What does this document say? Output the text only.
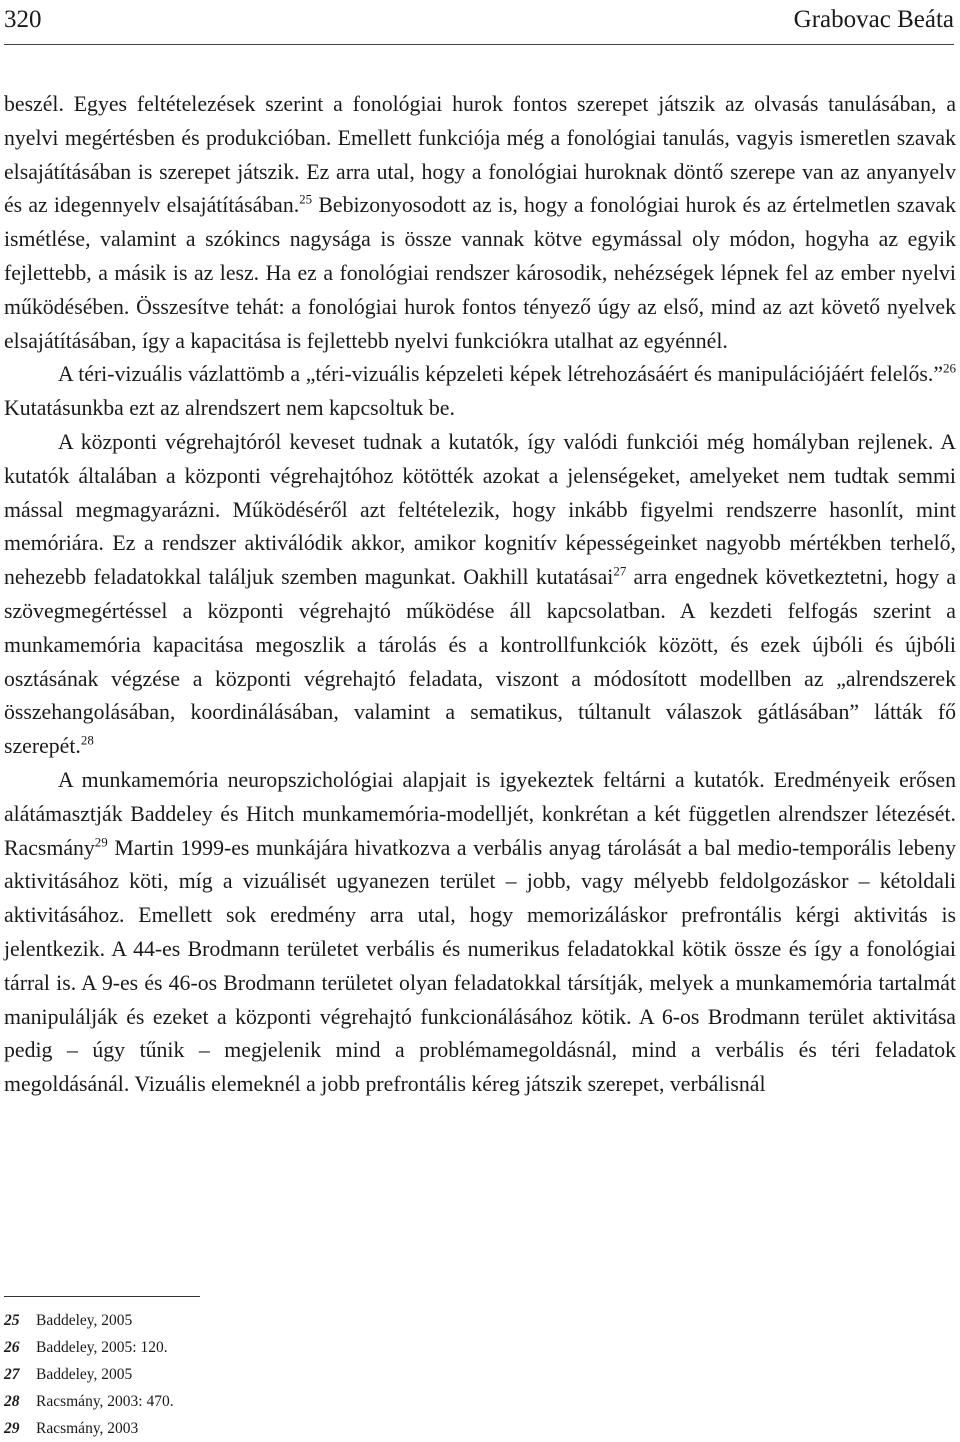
320	Grabovac Beáta

beszél. Egyes feltételezések szerint a fonológiai hurok fontos szerepet játszik az olvasás tanulásában, a nyelvi megértésben és produkcióban. Emellett funkciója még a fonológiai tanulás, vagyis ismeretlen szavak elsajátításában is szerepet játszik. Ez arra utal, hogy a fonológiai huroknak döntő szerepe van az anyanyelv és az idegennyelv elsajátításában.$^{25}$ Bebizonyosodott az is, hogy a fonológiai hurok és az értelmetlen szavak ismétlése, valamint a szókincs nagysága is össze vannak kötve egymással oly módon, hogyha az egyik fejlettebb, a másik is az lesz. Ha ez a fonológiai rendszer károsodik, nehézségek lépnek fel az ember nyelvi működésében. Összesítve tehát: a fonológiai hurok fontos tényező úgy az első, mind az azt követő nyelvek elsajátításában, így a kapacitása is fejlettebb nyelvi funkciókra utalhat az egyénnél.

A téri-vizuális vázlattömb a „téri-vizuális képzeleti képek létrehozásáért és manipulációjáért felelős.”$^{26}$ Kutatásunkba ezt az alrendszert nem kapcsoltuk be.

A központi végrehajtóról keveset tudnak a kutatók, így valódi funkciói még homályban rejlenek. A kutatók általában a központi végrehajtóhoz kötötték azokat a jelenségeket, amelyeket nem tudtak semmi mással megmagyarázni. Működéséről azt feltételezik, hogy inkább figyelmi rendszerre hasonlít, mint memóriára. Ez a rendszer aktiválódik akkor, amikor kognitív képességeinket nagyobb mértékben terhelő, nehezebb feladatokkal találjuk szemben magunkat. Oakhill kutatásai$^{27}$ arra engednek következtetni, hogy a szövegmegértéssel a központi végrehajtó működése áll kapcsolatban. A kezdeti felfogás szerint a munkamemória kapacitása megoszlik a tárolás és a kontrollfunkciók között, és ezek újbóli és újbóli osztásának végzése a központi végrehajtó feladata, viszont a módosított modellben az „alrendszerek összehangolásában, koordinálásában, valamint a sematikus, túltanult válaszok gátlásában” látták fő szerepét.$^{28}$

A munkamemória neuropszichológiai alapjait is igyekeztek feltárni a kutatók. Eredményeik erősen alátámasztják Baddeley és Hitch munkamemória-modelljét, konkrétan a két független alrendszer létezését. Racsmány$^{29}$ Martin 1999-es munkájára hivatkozva a verbális anyag tárolását a bal medio-temporális lebeny aktivitásához köti, míg a vizuálisét ugyanezen terület – jobb, vagy mélyebb feldolgozáskor – kétoldali aktivitásához. Emellett sok eredmény arra utal, hogy memorizáláskor prefrontális kérgi aktivitás is jelentkezik. A 44-es Brodmann területet verbális és numerikus feladatokkal kötik össze és így a fonológiai tárral is. A 9-es és 46-os Brodmann területet olyan feladatokkal társítják, melyek a munkamemória tartalmát manipulálják és ezeket a központi végrehajtó funkcionálásához kötik. A 6-os Brodmann terület aktivitása pedig – úgy tűnik – megjelenik mind a problémamegoldásnál, mind a verbális és téri feladatok megoldásánál. Vizuális elemeknél a jobb prefrontális kéreg játszik szerepet, verbálisnál

25	Baddeley, 2005
26	Baddeley, 2005: 120.
27	Baddeley, 2005
28	Racsmány, 2003: 470.
29	Racsmány, 2003
